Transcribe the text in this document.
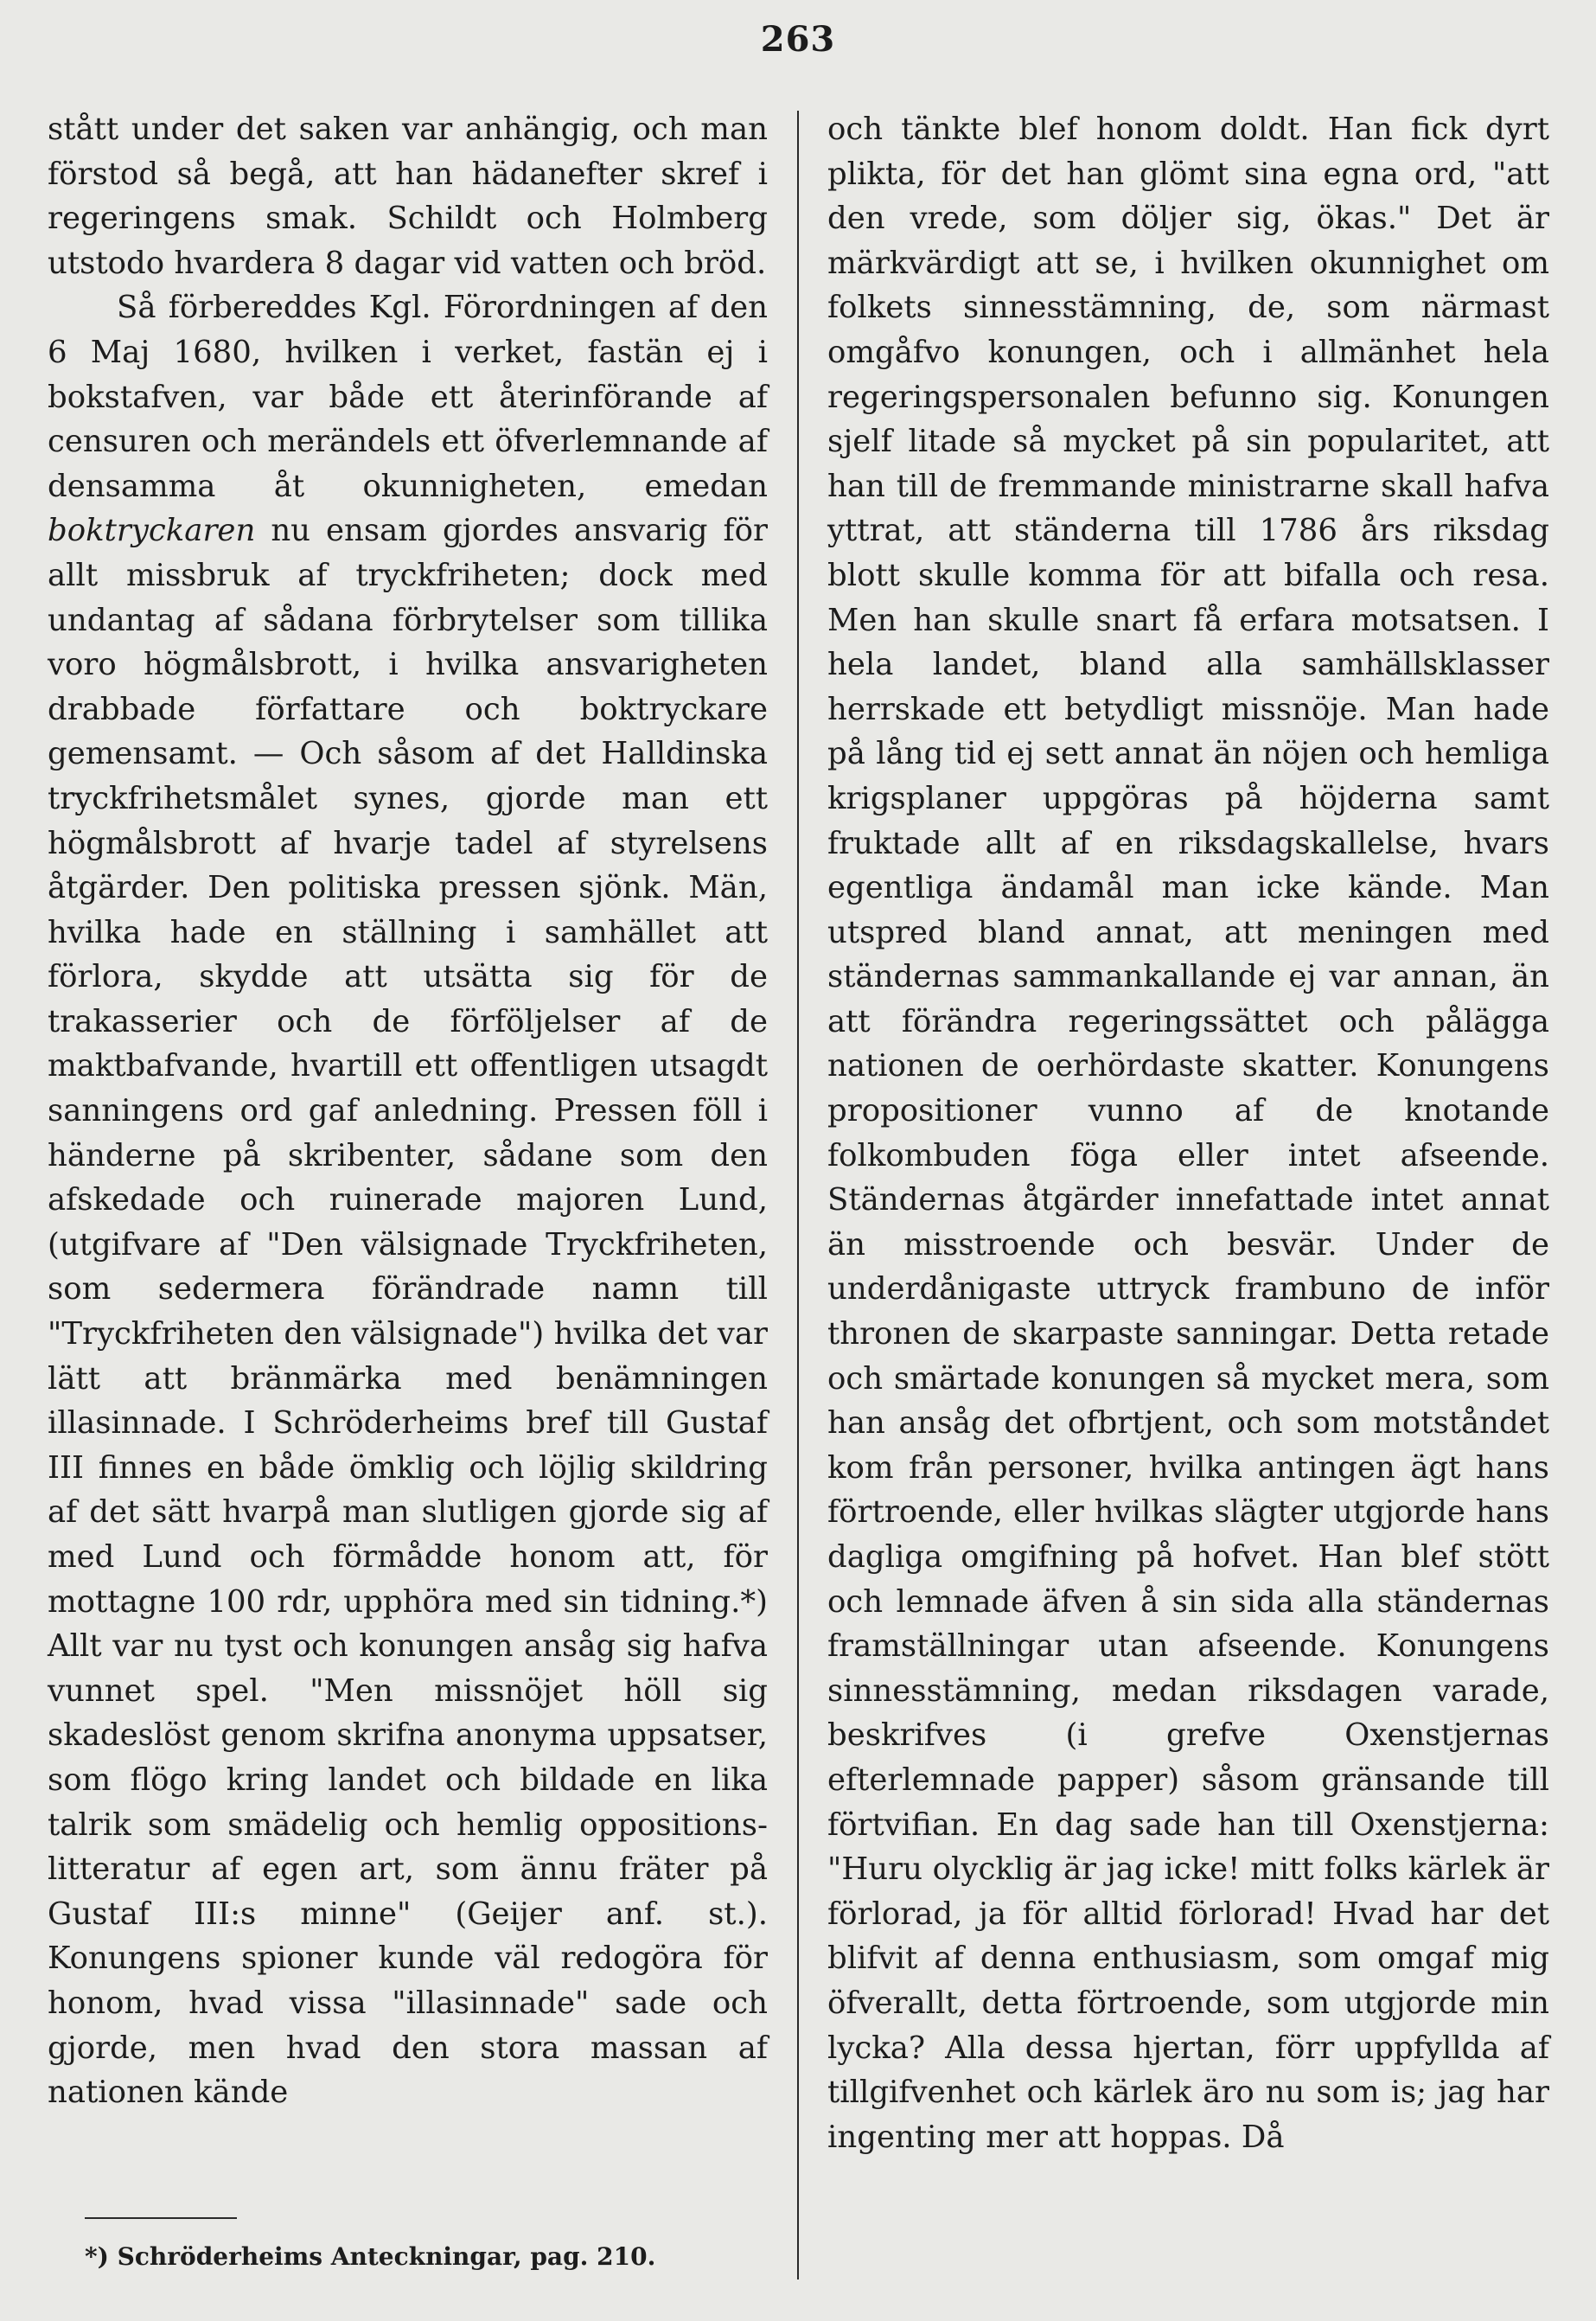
263

stått under det saken var anhängig, och man förstod så begå, att han hädanefter skref i regeringens smak. Schildt och Holmberg utstodo hvardera 8 dagar vid vatten och bröd.

Så förbereddes Kgl. Förordningen af den 6 Maj 1680, hvilken i verket, fastän ej i bokstafven, var både ett återinförande af censuren och merändels ett öfverlemnande af densamma åt okunnigheten, emedan boktryckaren nu ensam gjordes ansvarig för allt missbruk af tryckfriheten; dock med undantag af sådana förbrytelser som tillika voro högmålsbrott, i hvilka ansvarigheten drabbade författare och boktryckare gemensamt. — Och såsom af det Halldinska tryckfrihetsmålet synes, gjorde man ett högmålsbrott af hvarje tadel af styrelsens åtgärder. Den politiska pressen sjönk. Män, hvilka hade en ställning i samhället att förlora, skydde att utsätta sig för de trakasserier och de förföljelser af de maktbafvande, hvartill ett offentligen utsagdt sanningens ord gaf anledning. Pressen föll i händerne på skribenter, sådane som den afskedade och ruinerade majoren Lund, (utgifvare af "Den välsignade Tryckfriheten, som sedermera förändrade namn till "Tryckfriheten den välsignade") hvilka det var lätt att bränmärka med benämningen illasinnade. I Schröderheims bref till Gustaf III finnes en både ömklig och löjlig skildring af det sätt hvarpå man slutligen gjorde sig af med Lund och förmådde honom att, för mottagne 100 rdr, upphöra med sin tidning.*) Allt var nu tyst och konungen ansåg sig hafva vunnet spel. "Men missnöjet höll sig skadeslöst genom skrifna anonyma uppsatser, som flögo kring landet och bildade en lika talrik som smädelig och hemlig oppositions-litteratur af egen art, som ännu fräter på Gustaf III:s minne" (Geijer anf. st.). Konungens spioner kunde väl redogöra för honom, hvad vissa "illasinnade" sade och gjorde, men hvad den stora massan af nationen kände

och tänkte blef honom doldt. Han fick dyrt plikta, för det han glömt sina egna ord, "att den vrede, som döljer sig, ökas." Det är märkvärdigt att se, i hvilken okunnighet om folkets sinnesstämning, de, som närmast omgåfvo konungen, och i allmänhet hela regeringspersonalen befunno sig. Konungen sjelf litade så mycket på sin popularitet, att han till de fremmande ministrarne skall hafva yttrat, att ständerna till 1786 års riksdag blott skulle komma för att bifalla och resa. Men han skulle snart få erfara motsatsen. I hela landet, bland alla samhällsklasser herrskade ett betydligt missnöje. Man hade på lång tid ej sett annat än nöjen och hemliga krigsplaner uppgöras på höjderna samt fruktade allt af en riksdagskallelse, hvars egentliga ändamål man icke kände. Man utspred bland annat, att meningen med ständernas sammankallande ej var annan, än att förändra regeringssättet och pålägga nationen de oerhördaste skatter. Konungens propositioner vunno af de knotande folkombuden föga eller intet afseende. Ständernas åtgärder innefattade intet annat än misstroende och besvär. Under de underdånigaste uttryck frambuno de inför thronen de skarpaste sanningar. Detta retade och smärtade konungen så mycket mera, som han ansåg det ofbrtjent, och som motståndet kom från personer, hvilka antingen ägt hans förtroende, eller hvilkas slägter utgjorde hans dagliga omgifning på hofvet. Han blef stött och lemnade äfven å sin sida alla ständernas framställningar utan afseende. Konungens sinnesstämning, medan riksdagen varade, beskrifves (i grefve Oxenstjernas efterlemnade papper) såsom gränsande till förtvifian. En dag sade han till Oxenstjerna: "Huru olycklig är jag icke! mitt folks kärlek är förlorad, ja för alltid förlorad! Hvad har det blifvit af denna enthusiasm, som omgaf mig öfverallt, detta förtroende, som utgjorde min lycka? Alla dessa hjertan, förr uppfyllda af tillgifvenhet och kärlek äro nu som is; jag har ingenting mer att hoppas. Då

*) Schröderheims Anteckningar, pag. 210.
